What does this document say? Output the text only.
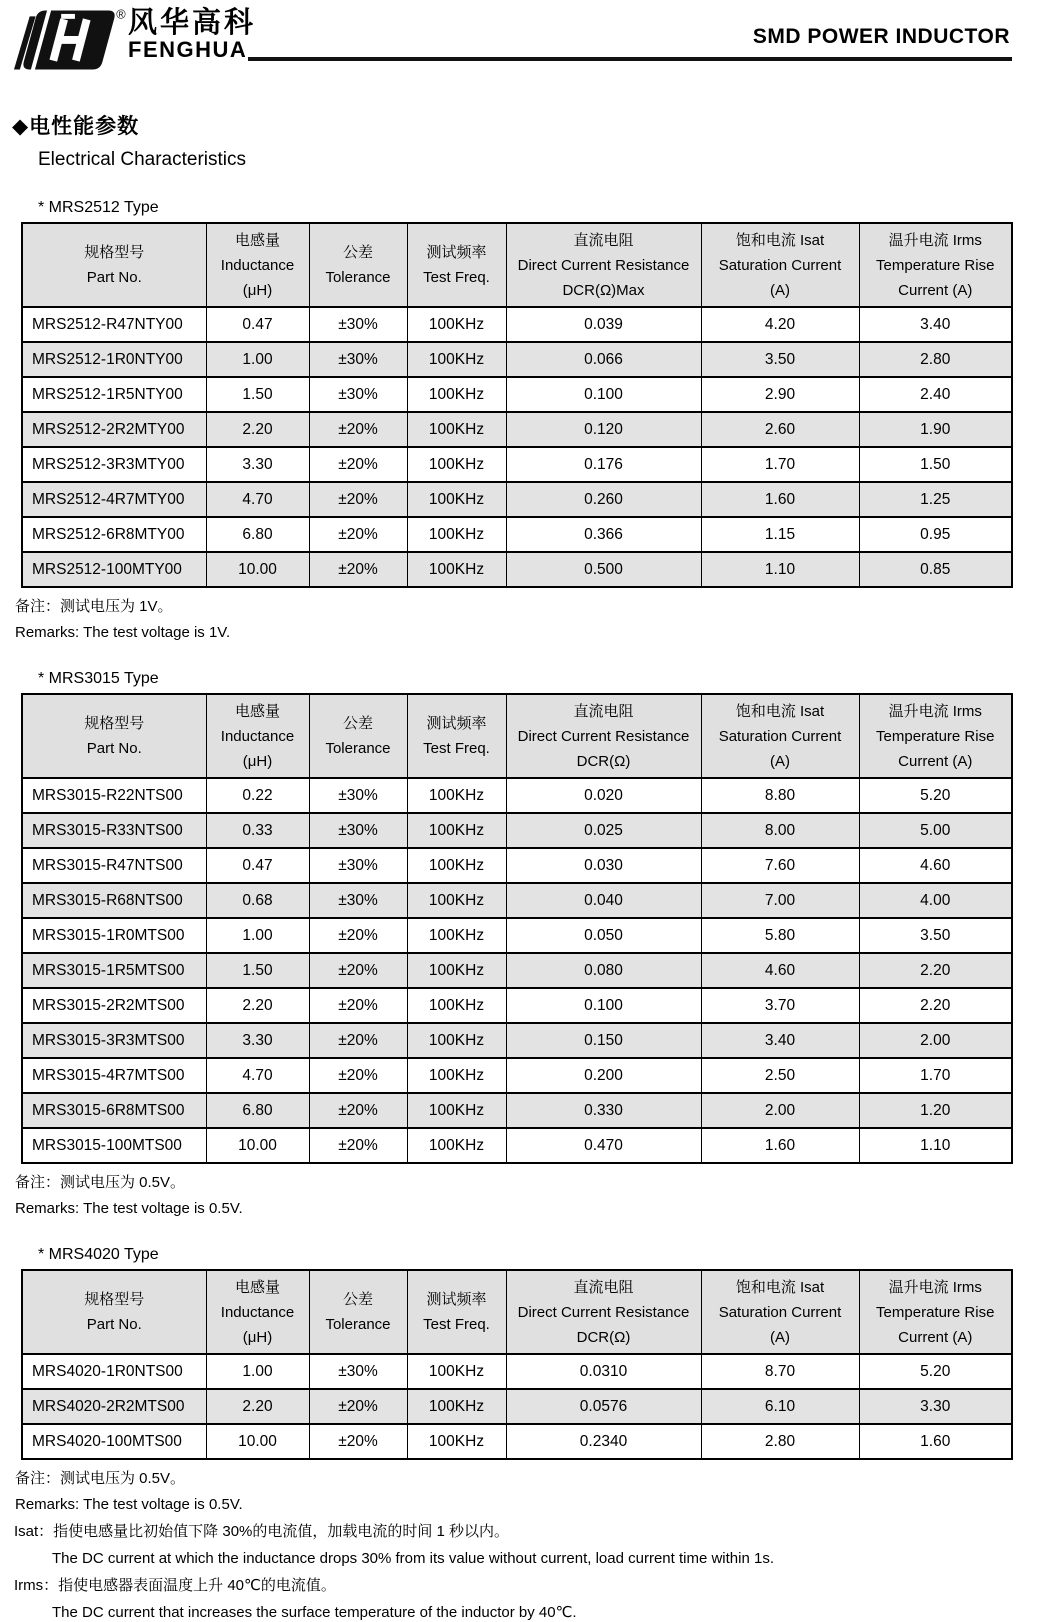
® 风华高科
FENGHUA
SMD POWER INDUCTOR
◆电性能参数
Electrical Characteristics
* MRS2512 Type
规格型号
Part No.	电感量
Inductance
(μH)	公差
Tolerance	测试频率
Test Freq.	直流电阻
Direct Current Resistance
DCR(Ω)Max	饱和电流 Isat
Saturation Current
(A)	温升电流 Irms
Temperature Rise
Current (A)

MRS2512-R47NTY00	0.47	±30%	100KHz	0.039	4.20	3.40
MRS2512-1R0NTY00	1.00	±30%	100KHz	0.066	3.50	2.80
MRS2512-1R5NTY00	1.50	±30%	100KHz	0.100	2.90	2.40
MRS2512-2R2MTY00	2.20	±20%	100KHz	0.120	2.60	1.90
MRS2512-3R3MTY00	3.30	±20%	100KHz	0.176	1.70	1.50
MRS2512-4R7MTY00	4.70	±20%	100KHz	0.260	1.60	1.25
MRS2512-6R8MTY00	6.80	±20%	100KHz	0.366	1.15	0.95
MRS2512-100MTY00	10.00	±20%	100KHz	0.500	1.10	0.85
备注：测试电压为 1V。
Remarks: The test voltage is 1V.
* MRS3015 Type
规格型号
Part No.	电感量
Inductance
(μH)	公差
Tolerance	测试频率
Test Freq.	直流电阻
Direct Current Resistance
DCR(Ω)	饱和电流 Isat
Saturation Current
(A)	温升电流 Irms
Temperature Rise
Current (A)

MRS3015-R22NTS00	0.22	±30%	100KHz	0.020	8.80	5.20
MRS3015-R33NTS00	0.33	±30%	100KHz	0.025	8.00	5.00
MRS3015-R47NTS00	0.47	±30%	100KHz	0.030	7.60	4.60
MRS3015-R68NTS00	0.68	±30%	100KHz	0.040	7.00	4.00
MRS3015-1R0MTS00	1.00	±20%	100KHz	0.050	5.80	3.50
MRS3015-1R5MTS00	1.50	±20%	100KHz	0.080	4.60	2.20
MRS3015-2R2MTS00	2.20	±20%	100KHz	0.100	3.70	2.20
MRS3015-3R3MTS00	3.30	±20%	100KHz	0.150	3.40	2.00
MRS3015-4R7MTS00	4.70	±20%	100KHz	0.200	2.50	1.70
MRS3015-6R8MTS00	6.80	±20%	100KHz	0.330	2.00	1.20
MRS3015-100MTS00	10.00	±20%	100KHz	0.470	1.60	1.10
备注：测试电压为 0.5V。
Remarks: The test voltage is 0.5V.
* MRS4020 Type
规格型号
Part No.	电感量
Inductance
(μH)	公差
Tolerance	测试频率
Test Freq.	直流电阻
Direct Current Resistance
DCR(Ω)	饱和电流 Isat
Saturation Current
(A)	温升电流 Irms
Temperature Rise
Current (A)

MRS4020-1R0NTS00	1.00	±30%	100KHz	0.0310	8.70	5.20
MRS4020-2R2MTS00	2.20	±20%	100KHz	0.0576	6.10	3.30
MRS4020-100MTS00	10.00	±20%	100KHz	0.2340	2.80	1.60
备注：测试电压为 0.5V。
Remarks: The test voltage is 0.5V.
Isat：指使电感量比初始值下降 30%的电流值，加载电流的时间 1 秒以内。
The DC current at which the inductance drops 30% from its value without current, load current time within 1s.
Irms：指使电感器表面温度上升 40℃的电流值。
The DC current that increases the surface temperature of the inductor by 40℃.
